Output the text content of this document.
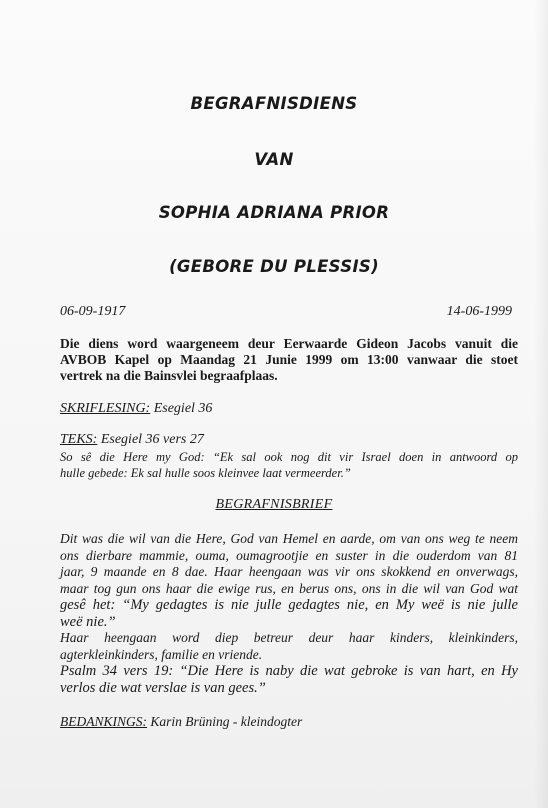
BEGRAFNISDIENS
VAN
SOPHIA ADRIANA PRIOR
(GEBORE DU PLESSIS)
06-09-1917	14-06-1999
Die diens word waargeneem deur Eerwaarde Gideon Jacobs vanuit die
AVBOB Kapel op Maandag 21 Junie 1999 om 13:00 vanwaar die stoet
vertrek na die Bainsvlei begraafplaas.
SKRIFLESING: Esegiel 36
TEKS: Esegiel 36 vers 27
So sê die Here my God: “Ek sal ook nog dit vir Israel doen in antwoord op
hulle gebede: Ek sal hulle soos kleinvee laat vermeerder.”
BEGRAFNISBRIEF
Dit was die wil van die Here, God van Hemel en aarde, om van ons weg te neem
ons dierbare mammie, ouma, oumagrootjie en suster in die ouderdom van 81
jaar, 9 maande en 8 dae. Haar heengaan was vir ons skokkend en onverwags,
maar tog gun ons haar die ewige rus, en berus ons, ons in die wil van God wat
gesê het: “My gedagtes is nie julle gedagtes nie, en My weë is nie julle
weë nie.”
Haar heengaan word diep betreur deur haar kinders, kleinkinders,
agterkleinkinders, familie en vriende.
Psalm 34 vers 19: “Die Here is naby die wat gebroke is van hart, en Hy
verlos die wat verslae is van gees.”
BEDANKINGS: Karin Brüning - kleindogter
